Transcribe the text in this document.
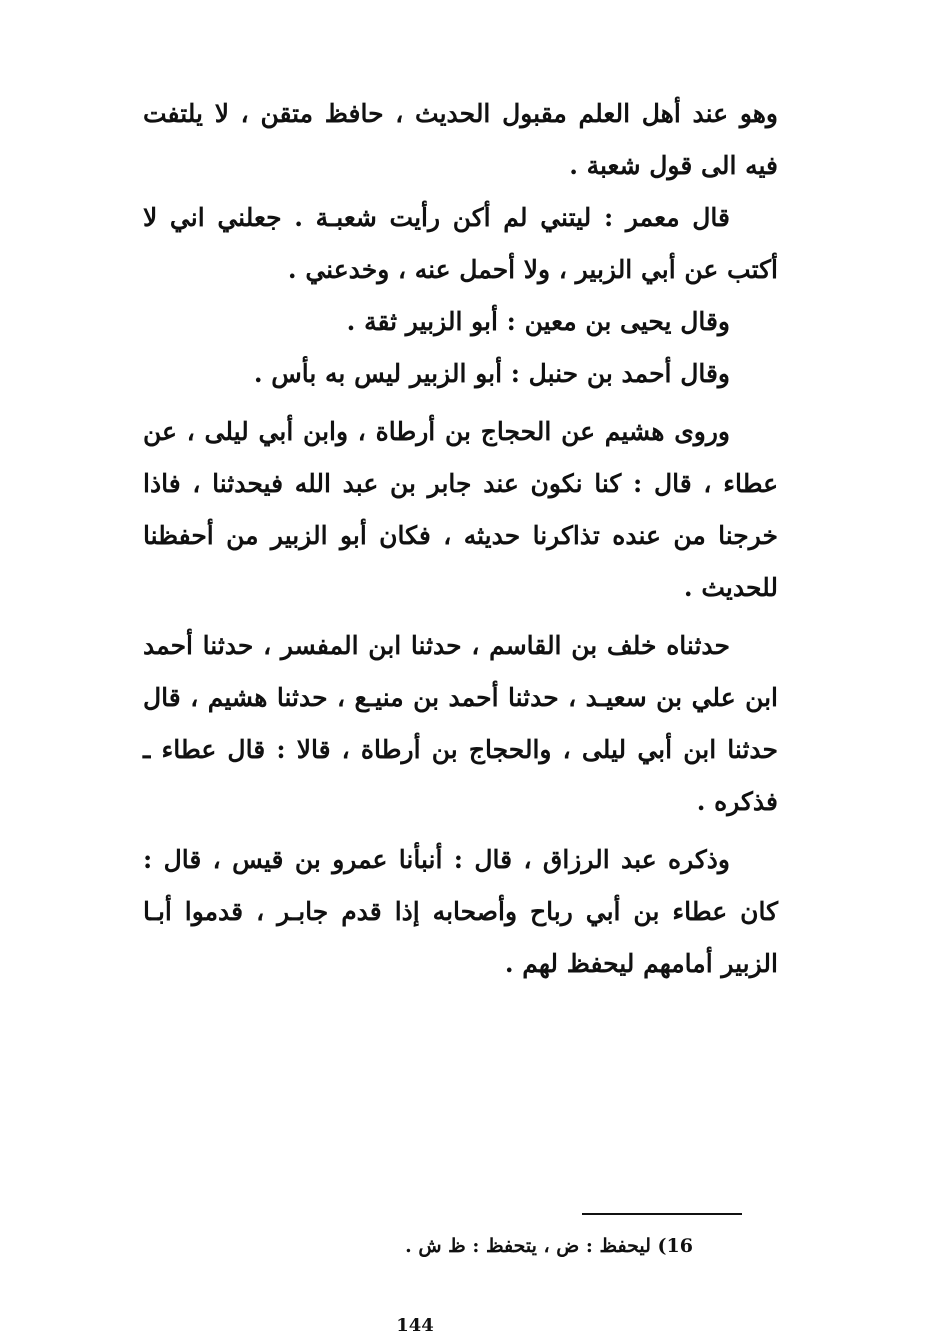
وهو عند أهل العلم مقبول الحديث ، حافظ متقن ، لا يلتفت فيه الى قول شعبة .

قال معمر : ليتني لم أكن رأيت شعبـة . جعلني اني لا أكتب عن أبي الزبير ، ولا أحمل عنه ، وخدعني .

وقال يحيى بن معين : أبو الزبير ثقة .

وقال أحمد بن حنبل : أبو الزبير ليس به بأس .

وروى هشيم عن الحجاج بن أرطاة ، وابن أبي ليلى ، عن عطاء ، قال : كنا نكون عند جابر بن عبد الله فيحدثنا ، فاذا خرجنا من عنده تذاكرنا حديثه ، فكان أبو الزبير من أحفظنا للحديث .

حدثناه خلف بن القاسم ، حدثنا ابن المفسر ، حدثنا أحمد ابن علي بن سعيـد ، حدثنا أحمد بن منيـع ، حدثنا هشيم ، قال حدثنا ابن أبي ليلى ، والحجاج بن أرطاة ، قالا : قال عطاء ـ فذكره .

وذكره عبد الرزاق ، قال : أنبأنا عمرو بن قيس ، قال : كان عطاء بن أبي رباح وأصحابه إذا قدم جابـر ، قدموا أبـا الزبير أمامهم ليحفظ لهم .

16) ليحفظ : ض ، يتحفظ : ظ ش .
144
